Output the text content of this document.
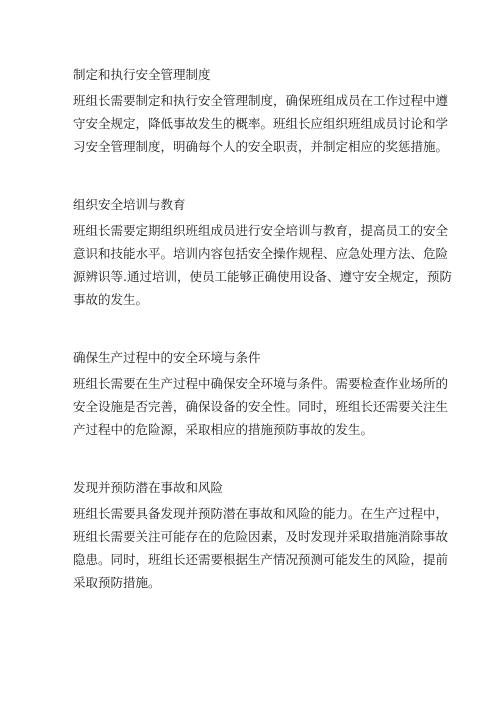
制定和执行安全管理制度

班组长需要制定和执行安全管理制度，确保班组成员在工作过程中遵

守安全规定，降低事故发生的概率。班组长应组织班组成员讨论和学

习安全管理制度，明确每个人的安全职责，并制定相应的奖惩措施。

组织安全培训与教育

班组长需要定期组织班组成员进行安全培训与教育，提高员工的安全

意识和技能水平。培训内容包括安全操作规程、应急处理方法、危险

源辨识等.通过培训，使员工能够正确使用设备、遵守安全规定，预防

事故的发生。

确保生产过程中的安全环境与条件

班组长需要在生产过程中确保安全环境与条件。需要检查作业场所的

安全设施是否完善，确保设备的安全性。同时，班组长还需要关注生

产过程中的危险源，采取相应的措施预防事故的发生。

发现并预防潜在事故和风险

班组长需要具备发现并预防潜在事故和风险的能力。在生产过程中，

班组长需要关注可能存在的危险因素，及时发现并采取措施消除事故

隐患。同时，班组长还需要根据生产情况预测可能发生的风险，提前

采取预防措施。
